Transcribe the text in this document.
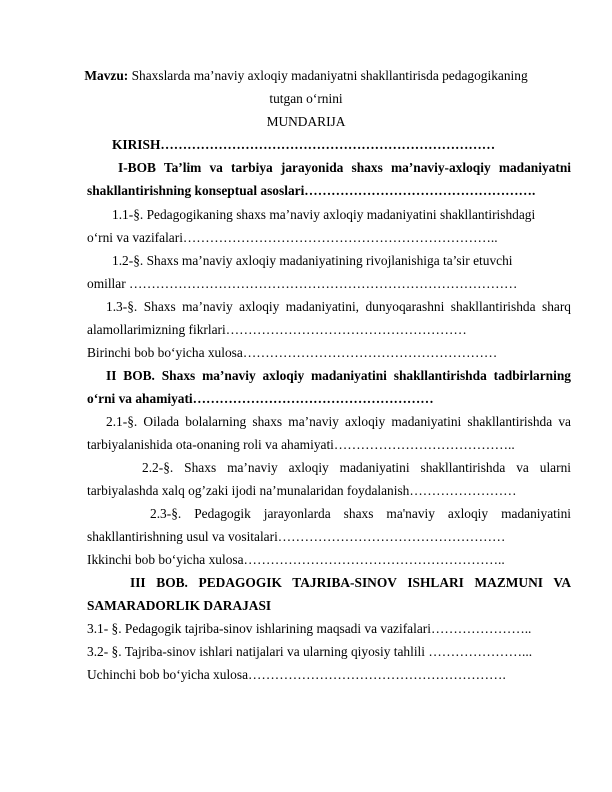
Mavzu: Shaxslarda ma’naviy axloqiy madaniyatni shakllantirisda pedagogikaning
tutgan o‘rnini
MUNDARIJA
KIRISH…………………………………………………………………
I-BOB Ta’lim va tarbiya jarayonida shaxs ma’naviy-axloqiy madaniyatni
shakllantirishning konseptual asoslari…………………………………………….
1.1-§. Pedagogikaning shaxs ma’naviy axloqiy madaniyatini shakllantirishdagi
o‘rni va vazifalari……………………………………………………………..
1.2-§. Shaxs ma’naviy axloqiy madaniyatining rivojlanishiga ta’sir etuvchi
omillar ……………………………………………………………………………
1.3-§. Shaxs ma’naviy axloqiy madaniyatini, dunyoqarashni shakllantirishda sharq
alamollarimizning fikrlari………………………………………………
Birinchi bob bo‘yicha xulosa…………………………………………………
II BOB. Shaxs ma’naviy axloqiy madaniyatini shakllantirishda tadbirlarning
o‘rni va ahamiyati………………………………………………
2.1-§. Oilada bolalarning shaxs ma’naviy axloqiy madaniyatini shakllantirishda va
tarbiyalanishida ota-onaning roli va ahamiyati…………………………………..
2.2-§. Shaxs ma’naviy axloqiy madaniyatini shakllantirishda va ularni
tarbiyalashda xalq og’zaki ijodi na’munalaridan foydalanish……………………
2.3-§. Pedagogik jarayonlarda shaxs ma'naviy axloqiy madaniyatini
shakllantirishning usul va vositalari……………………………………………
Ikkinchi bob bo‘yicha xulosa…………………………………………………..
III BOB. PEDAGOGIK TAJRIBA-SINOV ISHLARI MAZMUNI VA
SAMARADORLIK DARAJASI
3.1- §. Pedagogik tajriba-sinov ishlarining maqsadi va vazifalari…………………..
3.2- §. Tajriba-sinov ishlari natijalari va ularning qiyosiy tahlili …………………...
Uchinchi bob bo‘yicha xulosa………………………………………………….
